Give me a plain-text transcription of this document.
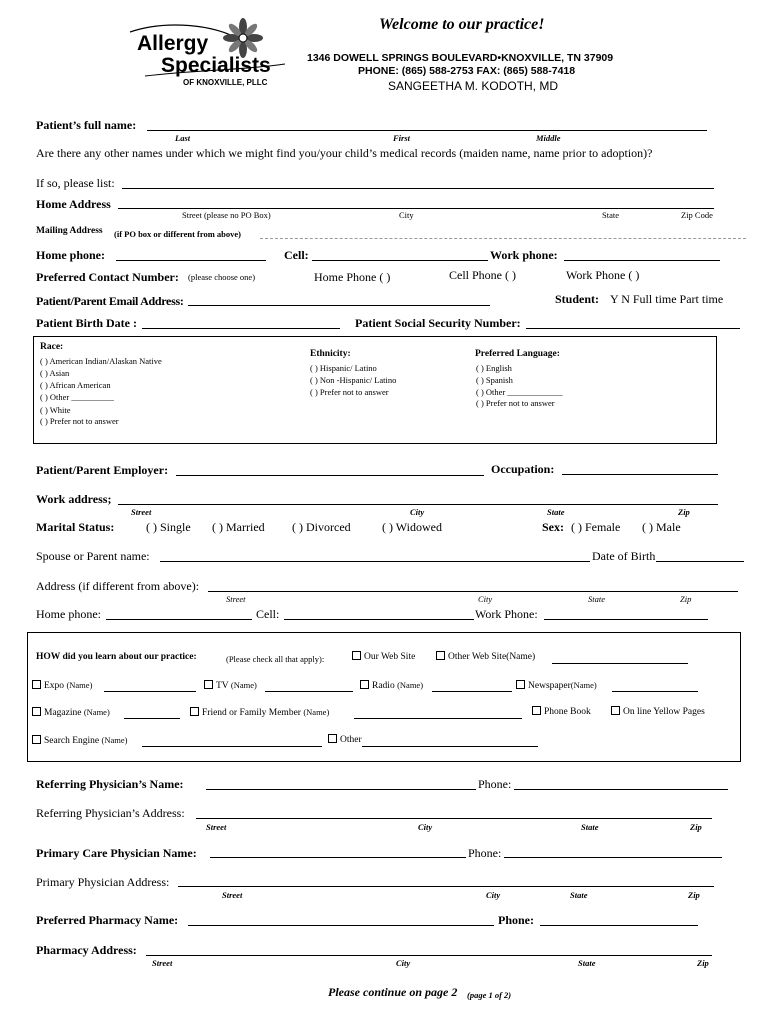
Allergy
Specialists
OF KNOXVILLE, PLLC
Welcome to our practice!
1346 DOWELL SPRINGS BOULEVARD•KNOXVILLE, TN 37909
PHONE: (865) 588-2753 FAX: (865) 588-7418
SANGEETHA M. KODOTH, MD
Patient’s full name:
Last	First	Middle
Are there any other names under which we might find you/your child’s medical records (maiden name, name prior to adoption)?
If so, please list:
Home Address
Street (please no PO Box)	City	State	Zip Code
Mailing Address (if PO box or different from above)
Home phone:	Cell:	Work phone:
Preferred Contact Number: (please choose one)	Home Phone ( )	Cell Phone ( )	Work Phone ( )
Patient/Parent Email Address:	Student: Y N Full time Part time
Patient Birth Date :	Patient Social Security Number:
Race:
( ) American Indian/Alaskan Native
( ) Asian
( ) African American
( ) Other __________
( ) White
( ) Prefer not to answer
Ethnicity:
( ) Hispanic/ Latino
( ) Non -Hispanic/ Latino
( ) Prefer not to answer
Preferred Language:
( ) English
( ) Spanish
( ) Other _____________
( ) Prefer not to answer
Patient/Parent Employer:	Occupation:
Work address;
Street	City	State	Zip
Marital Status:	( ) Single ( ) Married ( ) Divorced	( ) Widowed	Sex: ( ) Female ( ) Male
Spouse or Parent name:	Date of Birth
Address (if different from above):
Street	City	State	Zip
Home phone:	Cell:	Work Phone:
HOW did you learn about our practice:	(Please check all that apply):	Our Web Site	Other Web Site(Name)
Expo (Name)	TV (Name)	Radio (Name)	Newspaper(Name)
Magazine (Name)	Friend or Family Member (Name)	Phone Book	On line Yellow Pages
Search Engine (Name)	Other
Referring Physician’s Name:	Phone:
Referring Physician’s Address:
Street	City	State	Zip
Primary Care Physician Name:	Phone:
Primary Physician Address:
Street	City	State	Zip
Preferred Pharmacy Name:	Phone:
Pharmacy Address:
Street	City	State	Zip
Please continue on page 2 (page 1 of 2)
